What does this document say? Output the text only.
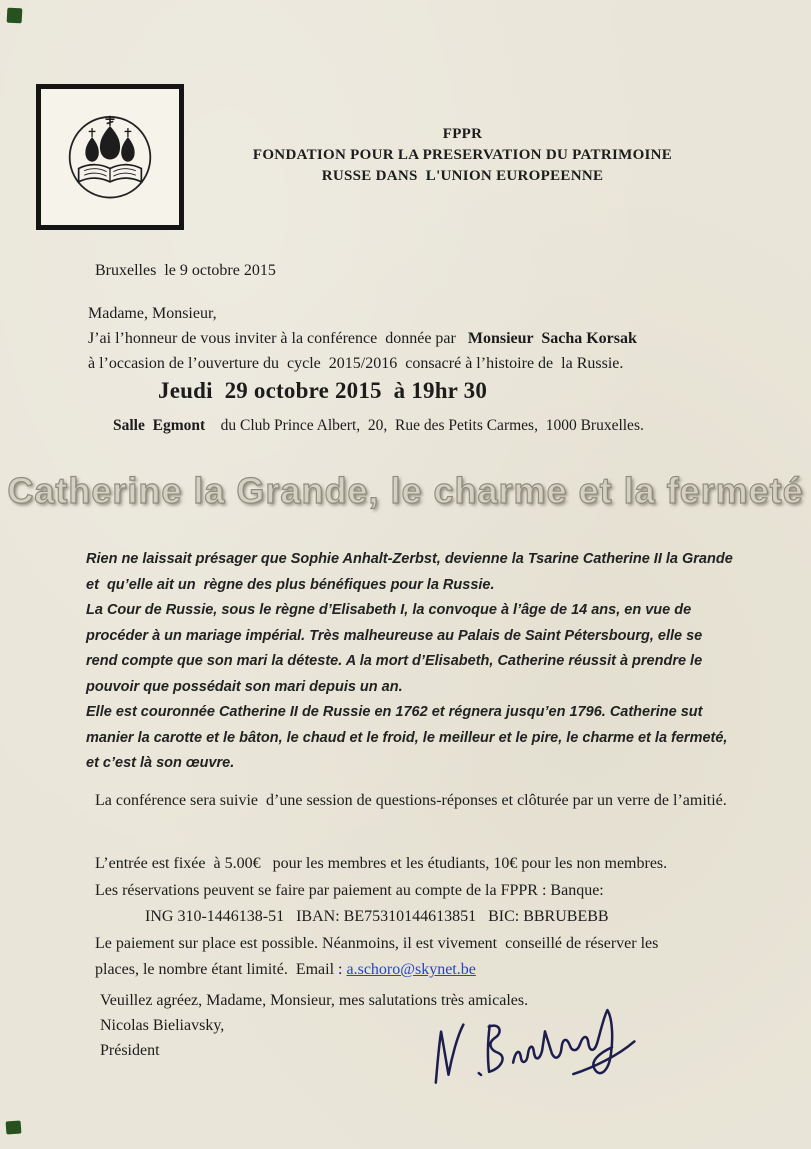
FPPR
FONDATION POUR LA PRESERVATION DU PATRIMOINE
RUSSE DANS  L'UNION EUROPEENNE
Bruxelles  le 9 octobre 2015
Madame, Monsieur,
J’ai l’honneur de vous inviter à la conférence  donnée par   Monsieur  Sacha Korsak
à l’occasion de l’ouverture du  cycle  2015/2016  consacré à l’histoire de  la Russie.
Jeudi  29 octobre 2015  à 19hr 30
Salle  Egmont    du Club Prince Albert,  20,  Rue des Petits Carmes,  1000 Bruxelles.
Catherine la Grande, le charme et la fermeté

Rien ne laissait présager que Sophie Anhalt-Zerbst, devienne la Tsarine Catherine II la Grande et  qu’elle ait un  règne des plus bénéfiques pour la Russie.

La Cour de Russie, sous le règne d’Elisabeth I, la convoque à l’âge de 14 ans, en vue de procéder à un mariage impérial. Très malheureuse au Palais de Saint Pétersbourg, elle se rend compte que son mari la déteste. A la mort d’Elisabeth, Catherine réussit à prendre le pouvoir que possédait son mari depuis un an.

Elle est couronnée Catherine II de Russie en 1762 et régnera jusqu’en 1796. Catherine sut manier la carotte et le bâton, le chaud et le froid, le meilleur et le pire, le charme et la fermeté, et c’est là son œuvre.

La conférence sera suivie  d’une session de questions-réponses et clôturée par un verre de l’amitié.
L’entrée est fixée  à 5.00€   pour les membres et les étudiants, 10€ pour les non membres.
Les réservations peuvent se faire par paiement au compte de la FPPR : Banque:
ING 310-1446138-51   IBAN: BE75310144613851   BIC: BBRUBEBB
Le paiement sur place est possible. Néanmoins, il est vivement  conseillé de réserver les
places, le nombre étant limité.  Email : a.schoro@skynet.be
Veuillez agréez, Madame, Monsieur, mes salutations très amicales.
Nicolas Bieliavsky,
Président
